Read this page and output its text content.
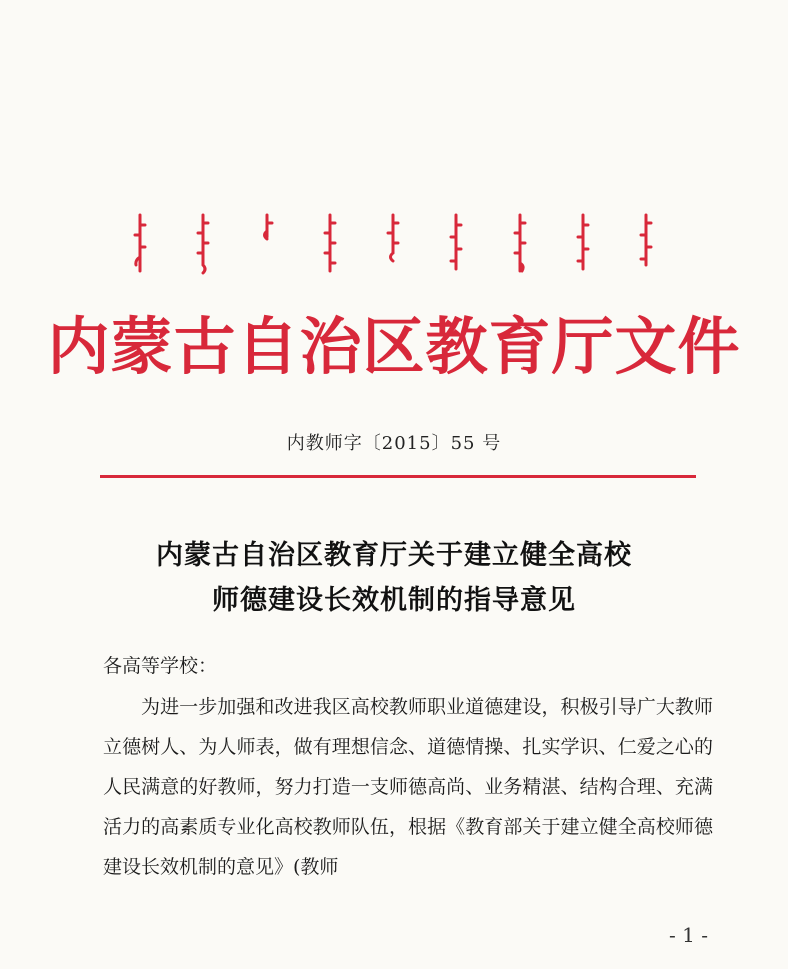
内蒙古自治区教育厅文件
内教师字〔2015〕55 号
内蒙古自治区教育厅关于建立健全高校
师德建设长效机制的指导意见
各高等学校：
为进一步加强和改进我区高校教师职业道德建设，积极引导广大教师立德树人、为人师表，做有理想信念、道德情操、扎实学识、仁爱之心的人民满意的好教师，努力打造一支师德高尚、业务精湛、结构合理、充满活力的高素质专业化高校教师队伍，根据《教育部关于建立健全高校师德建设长效机制的意见》(教师
- 1 -
